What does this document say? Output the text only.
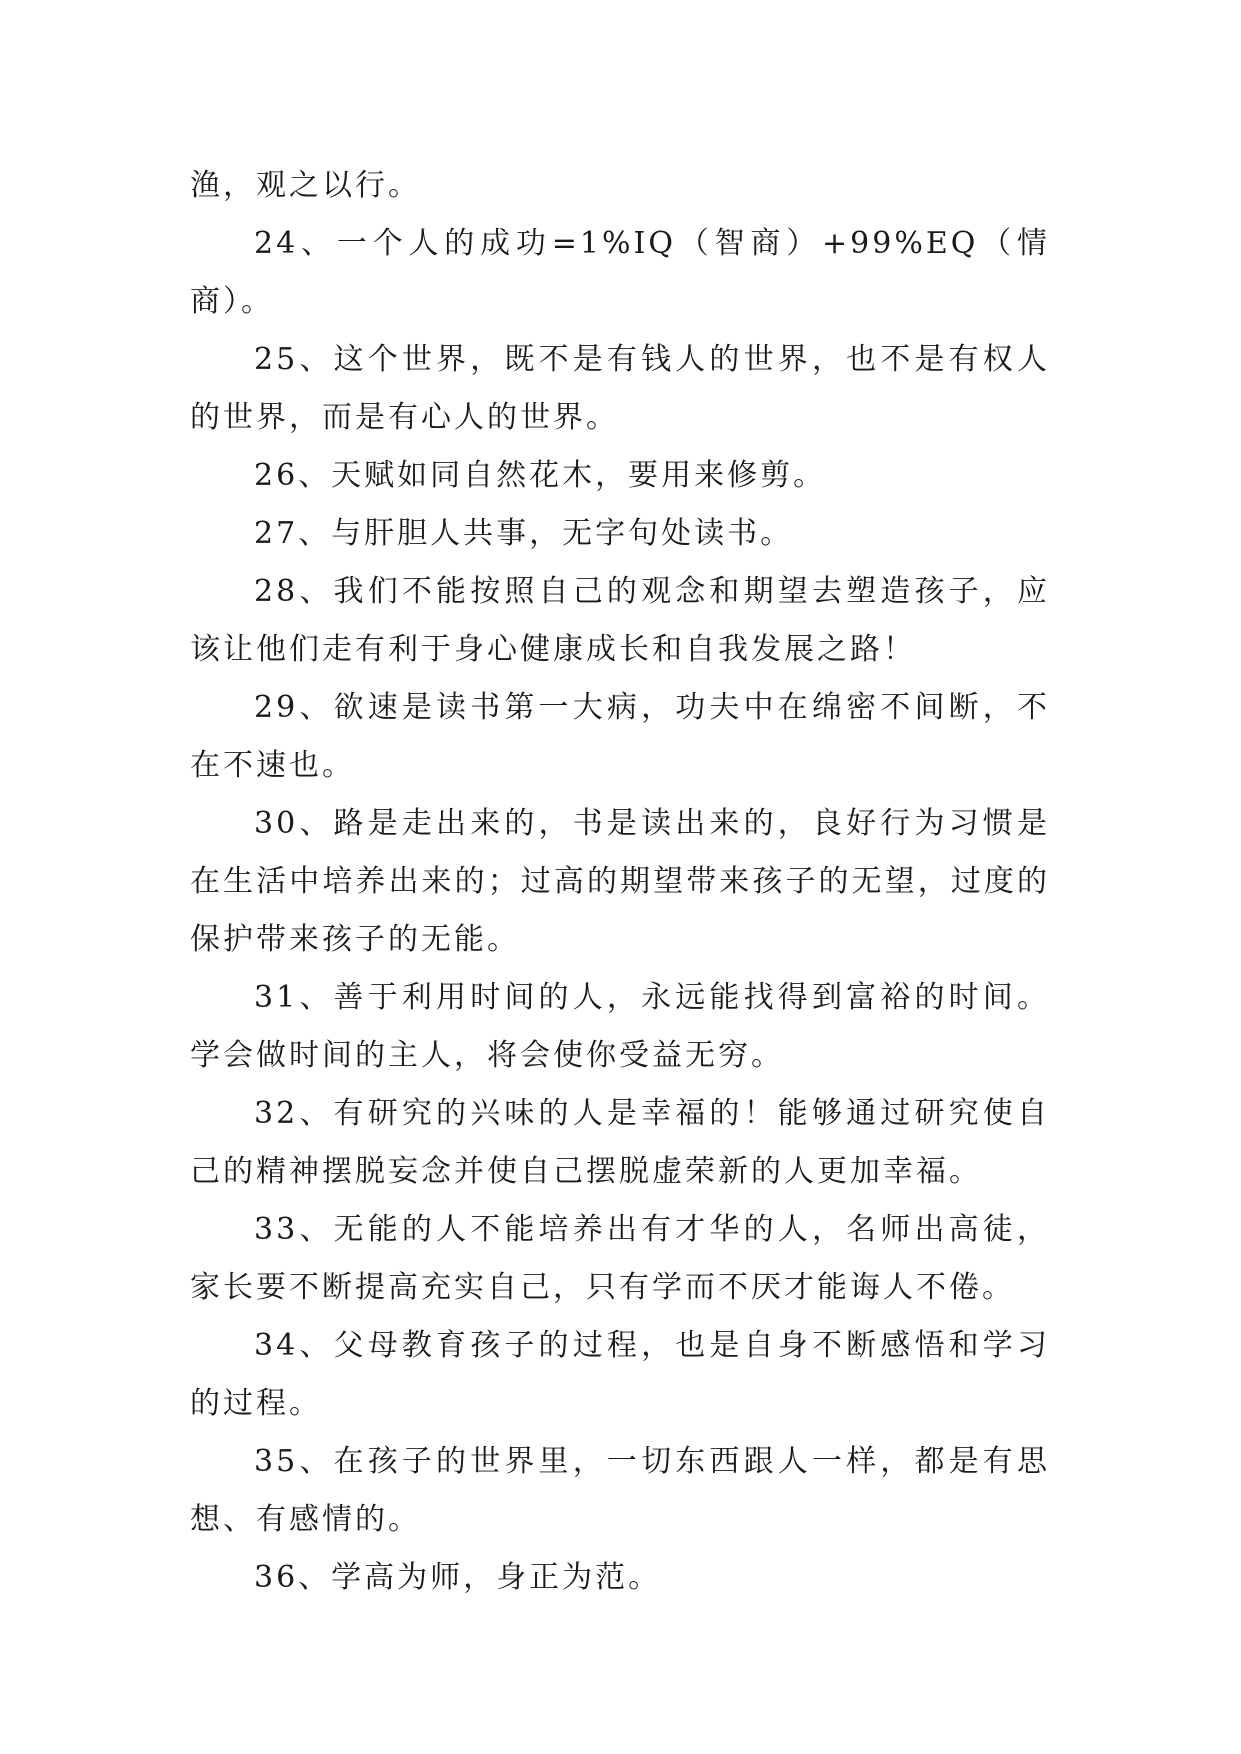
渔，观之以行。

24、一个人的成功=1%IQ（智商）+99%EQ（情商）。

25、这个世界，既不是有钱人的世界，也不是有权人的世界，而是有心人的世界。

26、天赋如同自然花木，要用来修剪。

27、与肝胆人共事，无字句处读书。

28、我们不能按照自己的观念和期望去塑造孩子，应该让他们走有利于身心健康成长和自我发展之路！

29、欲速是读书第一大病，功夫中在绵密不间断，不在不速也。

30、路是走出来的，书是读出来的，良好行为习惯是在生活中培养出来的；过高的期望带来孩子的无望，过度的保护带来孩子的无能。

31、善于利用时间的人，永远能找得到富裕的时间。学会做时间的主人，将会使你受益无穷。

32、有研究的兴味的人是幸福的！能够通过研究使自己的精神摆脱妄念并使自己摆脱虚荣新的人更加幸福。

33、无能的人不能培养出有才华的人，名师出高徒，家长要不断提高充实自己，只有学而不厌才能诲人不倦。

34、父母教育孩子的过程，也是自身不断感悟和学习的过程。

35、在孩子的世界里，一切东西跟人一样，都是有思想、有感情的。

36、学高为师，身正为范。
